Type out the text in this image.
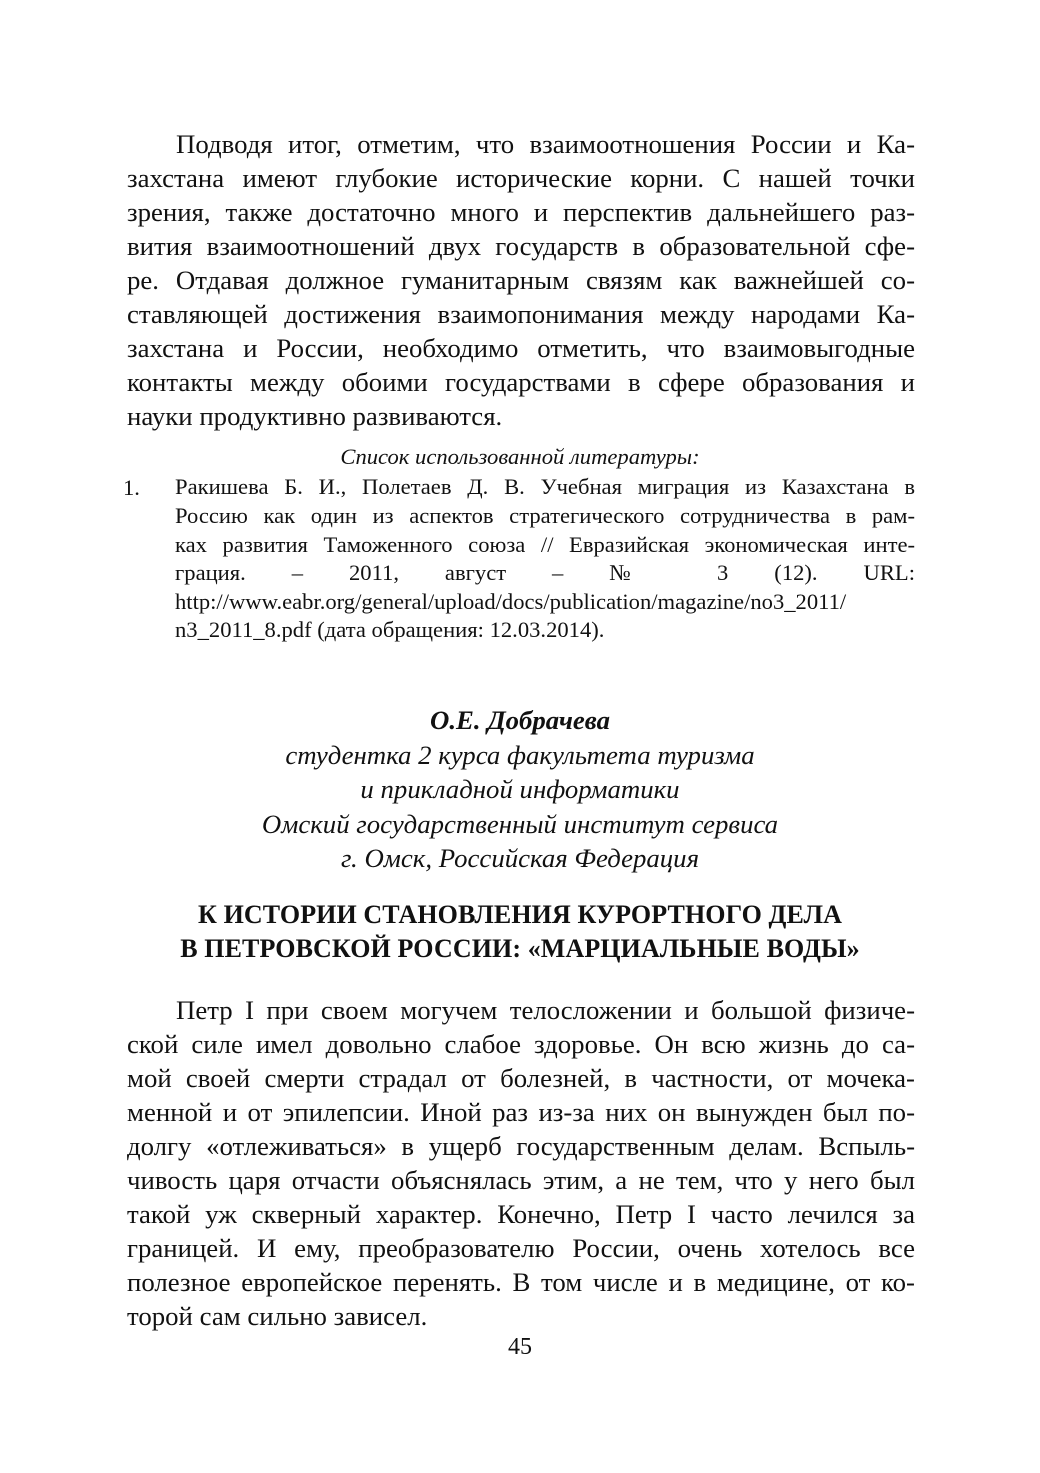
Подводя итог, отметим, что взаимоотношения России и Ка-

захстана имеют глубокие исторические корни. С нашей точки

зрения, также достаточно много и перспектив дальнейшего раз-

вития взаимоотношений двух государств в образовательной сфе-

ре. Отдавая должное гуманитарным связям как важнейшей со-

ставляющей достижения взаимопонимания между народами Ка-

захстана и России, необходимо отметить, что взаимовыгодные

контакты между обоими государствами в сфере образования и

науки продуктивно развиваются.

Список использованной литературы:

1. Ракишева Б. И., Полетаев Д. В. Учебная миграция из Казахстана в

Россию как один из аспектов стратегического сотрудничества в рам-

ках развития Таможенного союза // Евразийская экономическая инте-

грация. – 2011, август – № 3 (12). URL:

http://www.eabr.org/general/upload/docs/publication/magazine/no3_2011/

n3_2011_8.pdf (дата обращения: 12.03.2014).

О.Е. Добрачева

студентка 2 курса факультета туризма

и прикладной информатики

Омский государственный институт сервиса

г. Омск, Российская Федерация

К ИСТОРИИ СТАНОВЛЕНИЯ КУРОРТНОГО ДЕЛА

В ПЕТРОВСКОЙ РОССИИ: «МАРЦИАЛЬНЫЕ ВОДЫ»

Петр I при своем могучем телосложении и большой физиче-

ской силе имел довольно слабое здоровье. Он всю жизнь до са-

мой своей смерти страдал от болезней, в частности, от мочека-

менной и от эпилепсии. Иной раз из-за них он вынужден был по-

долгу «отлеживаться» в ущерб государственным делам. Вспыль-

чивость царя отчасти объяснялась этим, а не тем, что у него был

такой уж скверный характер. Конечно, Петр I часто лечился за

границей. И ему, преобразователю России, очень хотелось все

полезное европейское перенять. В том числе и в медицине, от ко-

торой сам сильно зависел.

45
